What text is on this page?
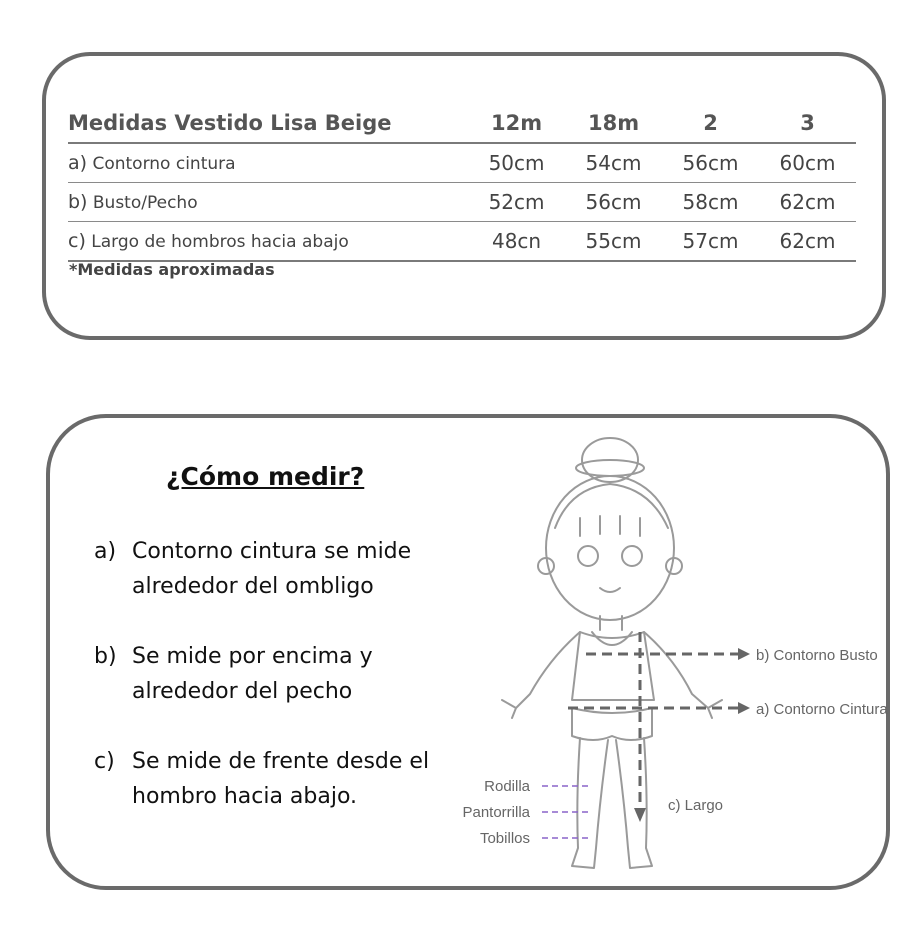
Medidas Vestido Lisa Beige	12m	18m	2	3
a) Contorno cintura	50cm	54cm	56cm	60cm
b) Busto/Pecho	52cm	56cm	58cm	62cm
c) Largo de hombros hacia abajo	48cn	55cm	57cm	62cm
*Medidas aproximadas
¿Cómo medir?
a) Contorno cintura se mide alrededor del ombligo
b) Se mide por encima y alrededor del pecho
c) Se mide de frente desde el hombro hacia abajo.
b) Contorno Busto
a) Contorno Cintura
c) Largo
Rodilla
Pantorrilla
Tobillos
